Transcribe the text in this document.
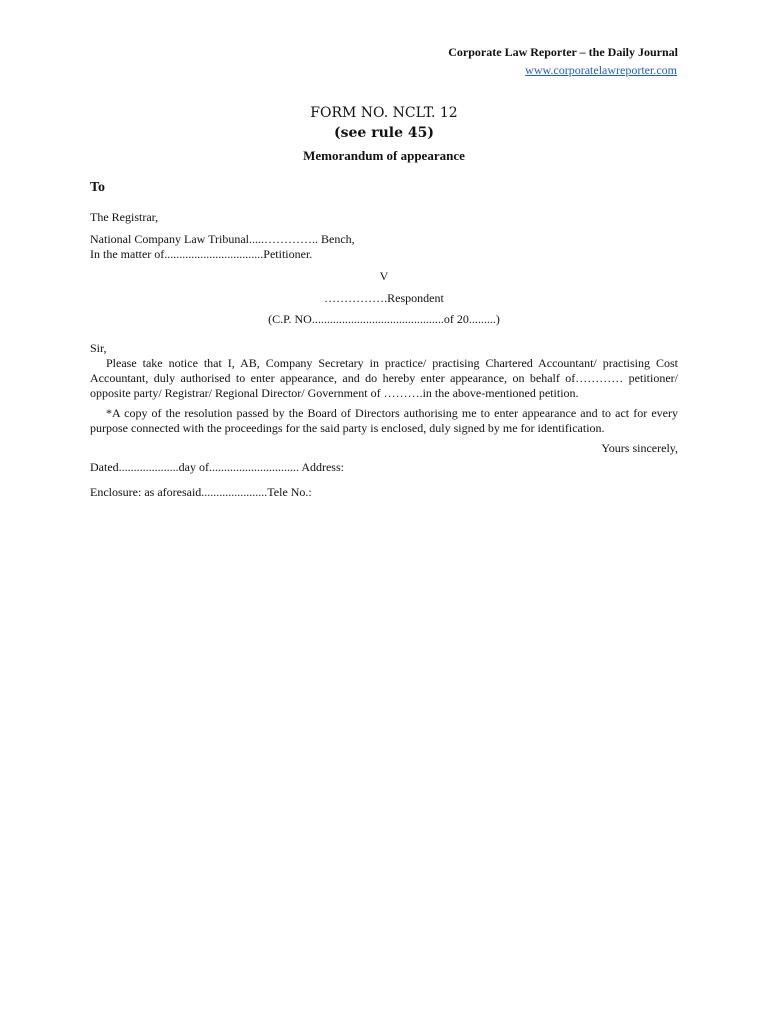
Corporate Law Reporter – the Daily Journal
www.corporatelawreporter.com
FORM NO. NCLT. 12
(see rule 45)
Memorandum of appearance
To
The Registrar,
National Company Law Tribunal.....………….. Bench,
In the matter of.................................Petitioner.
V
…………….Respondent
(C.P. NO............................................of 20.........)
Sir,
Please take notice that I, AB, Company Secretary in practice/ practising Chartered Accountant/ practising Cost Accountant, duly authorised to enter appearance, and do hereby enter appearance, on behalf of………… petitioner/ opposite party/ Registrar/ Regional Director/ Government of ……….in the above-mentioned petition.
*A copy of the resolution passed by the Board of Directors authorising me to enter appearance and to act for every purpose connected with the proceedings for the said party is enclosed, duly signed by me for identification.
Yours sincerely,
Dated....................day of.............................. Address:
Enclosure: as aforesaid......................Tele No.:
